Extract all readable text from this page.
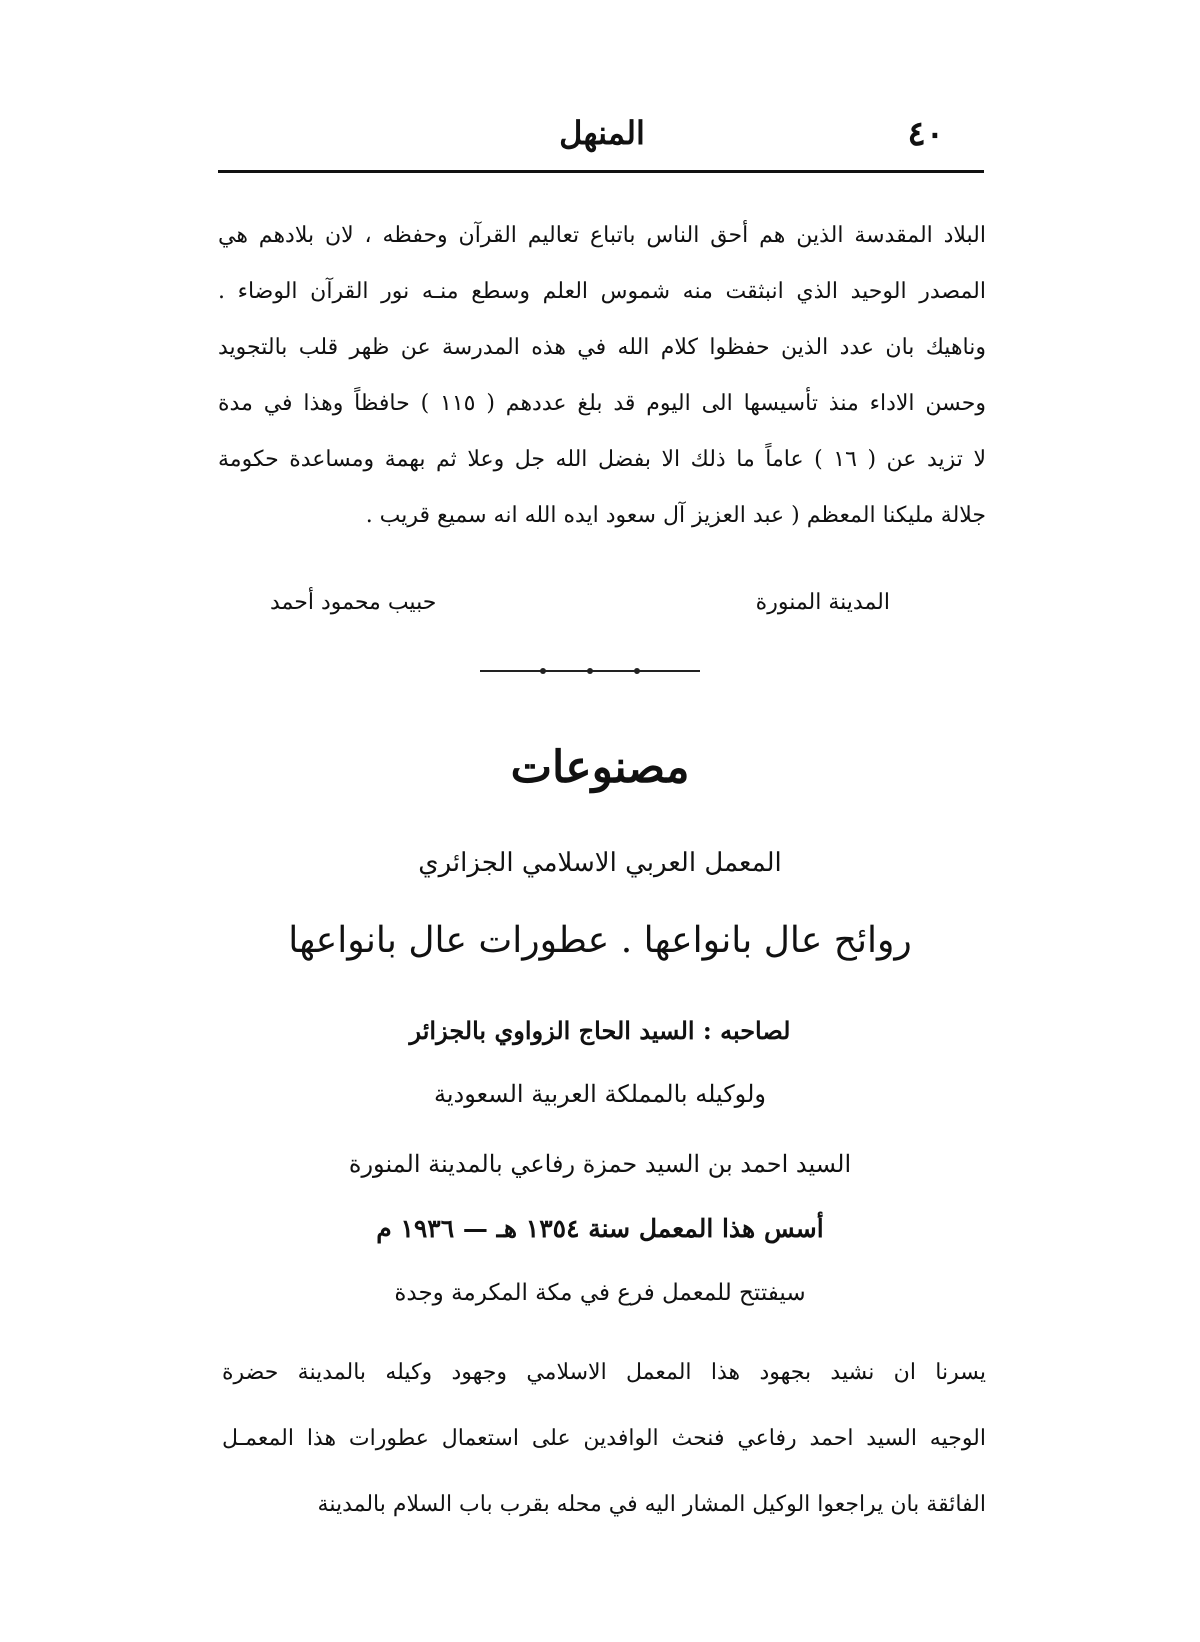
٤٠
المنهل
البلاد المقدسة الذين هم أحق الناس باتباع تعاليم القرآن وحفظه ، لان بلادهم هي
المصدر الوحيد الذي انبثقت منه شموس العلم وسطع منـه نور القرآن الوضاء .
وناهيك بان عدد الذين حفظوا كلام الله في هذه المدرسة عن ظهر قلب بالتجويد
وحسن الاداء منذ تأسيسها الى اليوم قد بلغ عددهم ( ١١٥ ) حافظاً وهذا في مدة
لا تزيد عن ( ١٦ ) عاماً ما ذلك الا بفضل الله جل وعلا ثم بهمة ومساعدة حكومة
جلالة مليكنا المعظم ( عبد العزيز آل سعود ايده الله انه سميع قريب .
المدينة المنورة
حبيب محمود أحمد
مصنوعات
المعمل العربي الاسلامي الجزائري
روائح عال بانواعها . عطورات عال بانواعها
لصاحبه : السيد الحاج الزواوي بالجزائر
ولوكيله بالمملكة العربية السعودية
السيد احمد بن السيد حمزة رفاعي بالمدينة المنورة
أسس هذا المعمل سنة ١٣٥٤ هـ — ١٩٣٦ م
سيفتتح للمعمل فرع في مكة المكرمة وجدة
يسرنا ان نشيد بجهود هذا المعمل الاسلامي وجهود وكيله بالمدينة حضرة
الوجيه السيد احمد رفاعي فنحث الوافدين على استعمال عطورات هذا المعمـل
الفائقة بان يراجعوا الوكيل المشار اليه في محله بقرب باب السلام بالمدينة
